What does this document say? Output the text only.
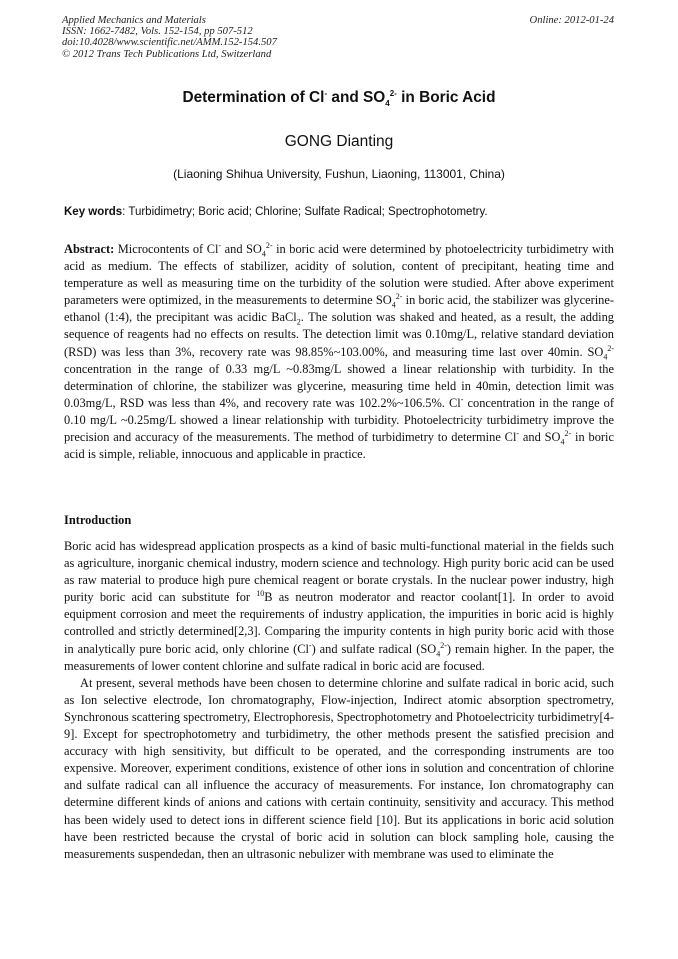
Applied Mechanics and Materials
ISSN: 1662-7482, Vols. 152-154, pp 507-512
doi:10.4028/www.scientific.net/AMM.152-154.507
© 2012 Trans Tech Publications Ltd, Switzerland
Online: 2012-01-24
Determination of Cl- and $SO_4^{2-}$ in Boric Acid
GONG Dianting
(Liaoning Shihua University, Fushun, Liaoning, 113001, China)
Key words: Turbidimetry; Boric acid; Chlorine; Sulfate Radical; Spectrophotometry.
Abstract: Microcontents of Cl- and $SO_4^{2-}$ in boric acid were determined by photoelectricity turbidimetry with acid as medium. The effects of stabilizer, acidity of solution, content of precipitant, heating time and temperature as well as measuring time on the turbidity of the solution were studied. After above experiment parameters were optimized, in the measurements to determine $SO_4^{2-}$ in boric acid, the stabilizer was glycerine-ethanol (1:4), the precipitant was acidic BaCl$_2$. The solution was shaked and heated, as a result, the adding sequence of reagents had no effects on results. The detection limit was 0.10mg/L, relative standard deviation (RSD) was less than 3%, recovery rate was 98.85%~103.00%, and measuring time last over 40min. $SO_4^{2-}$ concentration in the range of 0.33 mg/L ~0.83mg/L showed a linear relationship with turbidity. In the determination of chlorine, the stabilizer was glycerine, measuring time held in 40min, detection limit was 0.03mg/L, RSD was less than 4%, and recovery rate was 102.2%~106.5%. Cl- concentration in the range of 0.10 mg/L ~0.25mg/L showed a linear relationship with turbidity. Photoelectricity turbidimetry improve the precision and accuracy of the measurements. The method of turbidimetry to determine Cl- and $SO_4^{2-}$ in boric acid is simple, reliable, innocuous and applicable in practice.
Introduction

Boric acid has widespread application prospects as a kind of basic multi-functional material in the fields such as agriculture, inorganic chemical industry, modern science and technology. High purity boric acid can be used as raw material to produce high pure chemical reagent or borate crystals. In the nuclear power industry, high purity boric acid can substitute for $^{10}$B as neutron moderator and reactor coolant[1]. In order to avoid equipment corrosion and meet the requirements of industry application, the impurities in boric acid is highly controlled and strictly determined[2,3]. Comparing the impurity contents in high purity boric acid with those in analytically pure boric acid, only chlorine (Cl-) and sulfate radical $(SO_4^{2-})$ remain higher. In the paper, the measurements of lower content chlorine and sulfate radical in boric acid are focused.

At present, several methods have been chosen to determine chlorine and sulfate radical in boric acid, such as Ion selective electrode, Ion chromatography, Flow-injection, Indirect atomic absorption spectrometry, Synchronous scattering spectrometry, Electrophoresis, Spectrophotometry and Photoelectricity turbidimetry[4-9]. Except for spectrophotometry and turbidimetry, the other methods present the satisfied precision and accuracy with high sensitivity, but difficult to be operated, and the corresponding instruments are too expensive. Moreover, experiment conditions, existence of other ions in solution and concentration of chlorine and sulfate radical can all influence the accuracy of measurements. For instance, Ion chromatography can determine different kinds of anions and cations with certain continuity, sensitivity and accuracy. This method has been widely used to detect ions in different science field [10]. But its applications in boric acid solution have been restricted because the crystal of boric acid in solution can block sampling hole, causing the measurements suspendedan, then an ultrasonic nebulizer with membrane was used to eliminate the
